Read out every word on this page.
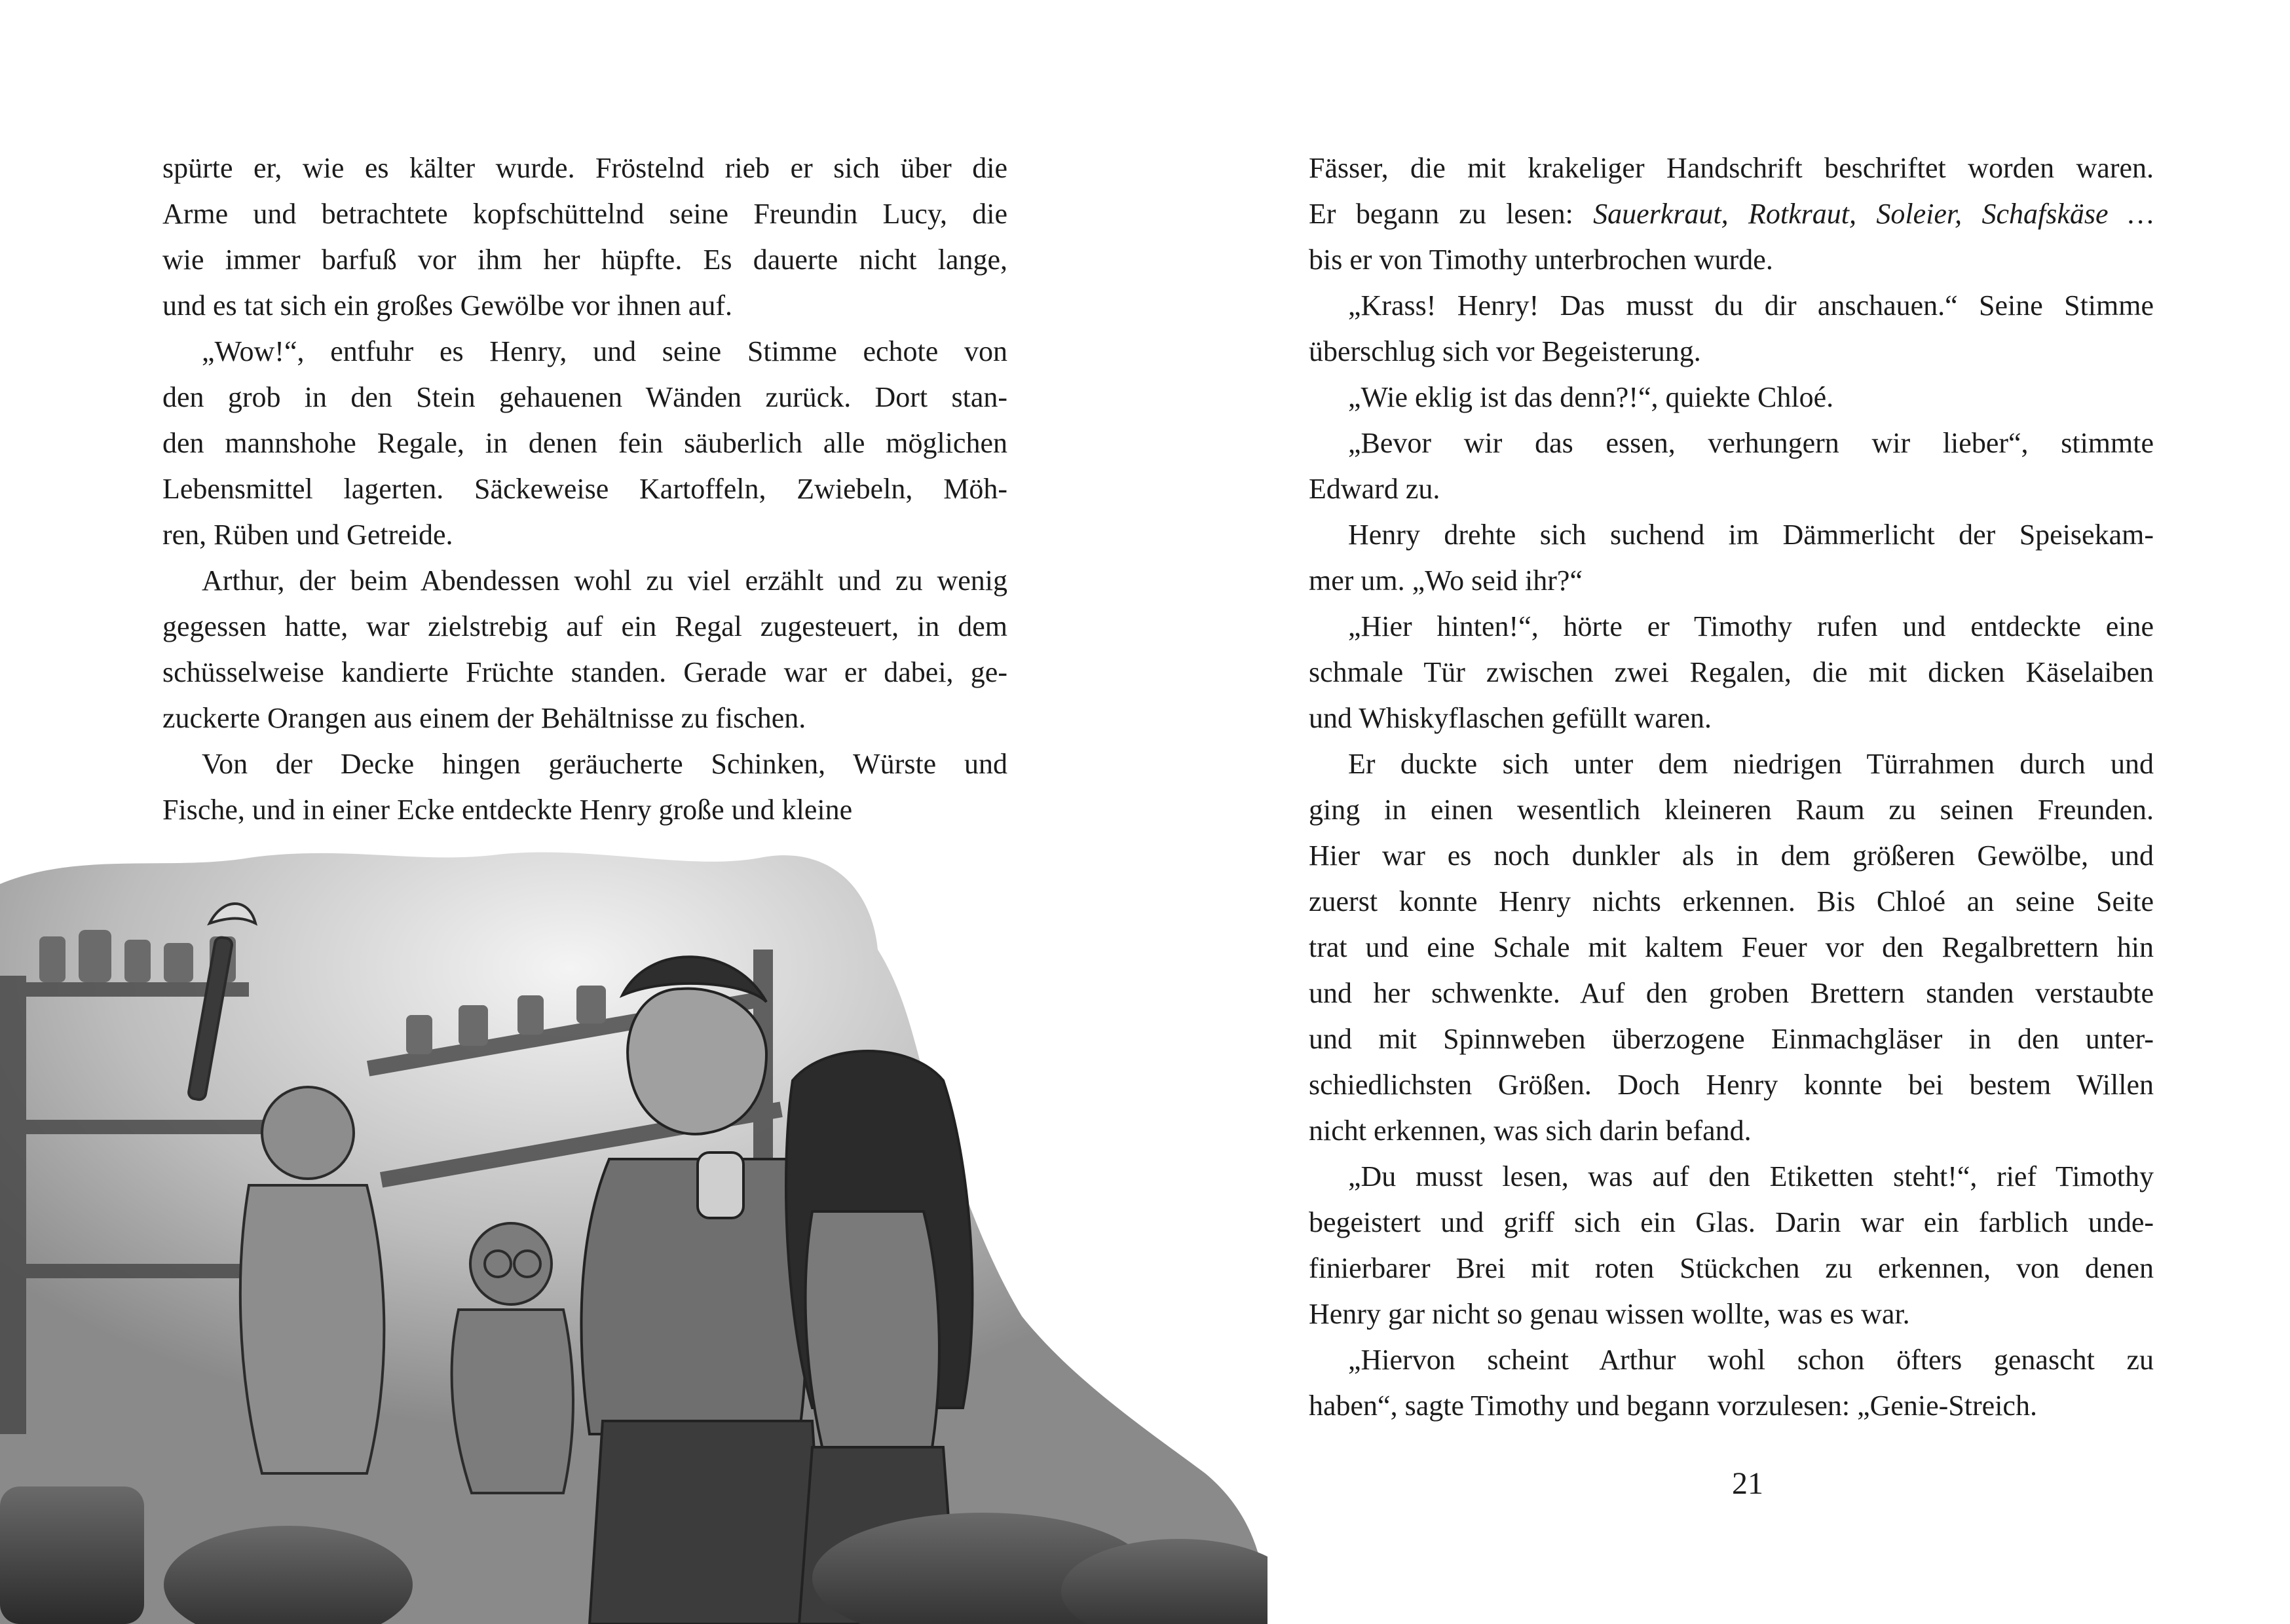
spürte er, wie es kälter wurde. Fröstelnd rieb er sich über die
Arme und betrachtete kopfschüttelnd seine Freundin Lucy, die
wie immer barfuß vor ihm her hüpfte. Es dauerte nicht lange,
und es tat sich ein großes Gewölbe vor ihnen auf.

„Wow!“, entfuhr es Henry, und seine Stimme echote von
den grob in den Stein gehauenen Wänden zurück. Dort stan-
den mannshohe Regale, in denen fein säuberlich alle möglichen
Lebensmittel lagerten. Säckeweise Kartoffeln, Zwiebeln, Möh-
ren, Rüben und Getreide.

Arthur, der beim Abendessen wohl zu viel erzählt und zu wenig
gegessen hatte, war zielstrebig auf ein Regal zugesteuert, in dem
schüsselweise kandierte Früchte standen. Gerade war er dabei, ge-
zuckerte Orangen aus einem der Behältnisse zu fischen.

Von der Decke hingen geräucherte Schinken, Würste und
Fische, und in einer Ecke entdeckte Henry große und kleine

Fässer, die mit krakeliger Handschrift beschriftet worden waren.
Er begann zu lesen: Sauerkraut, Rotkraut, Soleier, Schafskäse …
bis er von Timothy unterbrochen wurde.

„Krass! Henry! Das musst du dir anschauen.“ Seine Stimme
überschlug sich vor Begeisterung.

„Wie eklig ist das denn?!“, quiekte Chloé.

„Bevor wir das essen, verhungern wir lieber“, stimmte
Edward zu.

Henry drehte sich suchend im Dämmerlicht der Speisekam-
mer um. „Wo seid ihr?“

„Hier hinten!“, hörte er Timothy rufen und entdeckte eine
schmale Tür zwischen zwei Regalen, die mit dicken Käselaiben
und Whiskyflaschen gefüllt waren.

Er duckte sich unter dem niedrigen Türrahmen durch und
ging in einen wesentlich kleineren Raum zu seinen Freunden.
Hier war es noch dunkler als in dem größeren Gewölbe, und
zuerst konnte Henry nichts erkennen. Bis Chloé an seine Seite
trat und eine Schale mit kaltem Feuer vor den Regalbrettern hin
und her schwenkte. Auf den groben Brettern standen verstaubte
und mit Spinnweben überzogene Einmachgläser in den unter-
schiedlichsten Größen. Doch Henry konnte bei bestem Willen
nicht erkennen, was sich darin befand.

„Du musst lesen, was auf den Etiketten steht!“, rief Timothy
begeistert und griff sich ein Glas. Darin war ein farblich unde-
finierbarer Brei mit roten Stückchen zu erkennen, von denen
Henry gar nicht so genau wissen wollte, was es war.

„Hiervon scheint Arthur wohl schon öfters genascht zu
haben“, sagte Timothy und begann vorzulesen: „Genie-Streich.

21
